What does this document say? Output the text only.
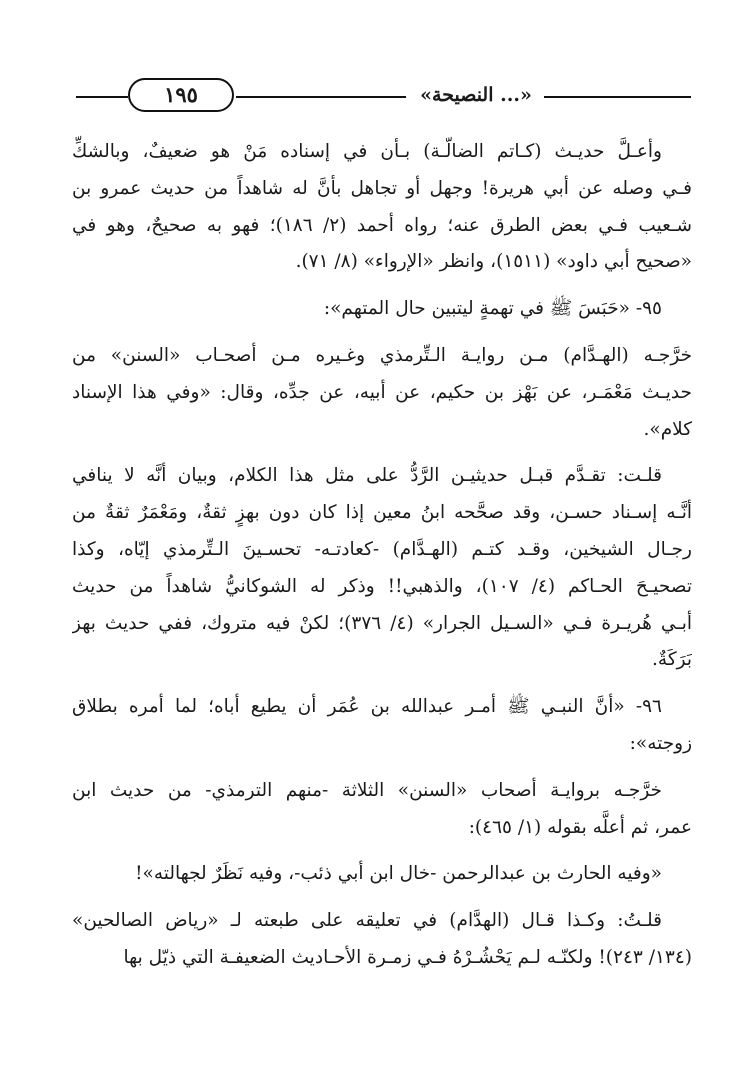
١٩٥	«النصيحة ...»
وأعـلَّ حديـث (كـاتم الضالّـة) بـأن في إسناده مَنْ هو ضعيفٌ، وبالشكِّ
فـي وصله عن أبي هريرة! وجهل أو تجاهل بأنَّ له شاهداً من حديث عمرو بن
شـعيب فـي بعض الطرق عنه؛ رواه أحمد (٢/ ١٨٦)؛ فهو به صحيحٌ، وهو في
«صحيح أبي داود» (١٥١١)، وانظر «الإرواء» (٨/ ٧١).
٩٥- «حَبَسَ ﷺ في تهمةٍ ليتبين حال المتهم»:
خرَّجـه (الهـدَّام) مـن روايـة الـتِّرمذي وغـيره مـن أصحـاب «السنن» من
حديـث مَعْمَـر، عن بَهْز بن حكيم، عن أبيه، عن جدِّه، وقال: «وفي هذا الإسناد
كلام».
قلـت: تقـدَّم قبـل حديثيـن الرَّدُّ على مثل هذا الكلام، وبيان أنَّه لا ينافي
أنَّـه إسـناد حسـن، وقد صحَّحه ابنُ معين إذا كان دون بهزٍ ثقةٌ، ومَعْمَرٌ ثقةٌ من
رجـال الشيخين، وقـد كتـم (الهـدَّام) -كعادتـه- تحسـينَ الـتِّرمذي إيّاه، وكذا
تصحيـحَ الحـاكم (٤/ ١٠٧)، والذهبي!! وذكر له الشوكانيُّ شاهداً من حديث
أبـي هُريـرة فـي «السـيل الجرار» (٤/ ٣٧٦)؛ لكنْ فيه متروك، ففي حديث بهز
بَرَكَةٌ.
٩٦- «أنَّ النبـي ﷺ أمـر عبدالله بن عُمَر أن يطيع أباه؛ لما أمره بطلاق
زوجته»:
خرَّجـه بروايـة أصحاب «السنن» الثلاثة -منهم الترمذي- من حديث ابن
عمر، ثم أعلَّه بقوله (١/ ٤٦٥):
«وفيه الحارث بن عبدالرحمن -خال ابن أبي ذئب-، وفيه نَظَرٌ لجهالته»!
قلـتُ: وكـذا قـال (الهدَّام) في تعليقه على طبعته لـ «رياض الصالحين»
(١٣٤/ ٢٤٣)! ولكنّـه لـم يَحْشُـرْهُ فـي زمـرة الأحـاديث الضعيفـة التي ذيّل بها
